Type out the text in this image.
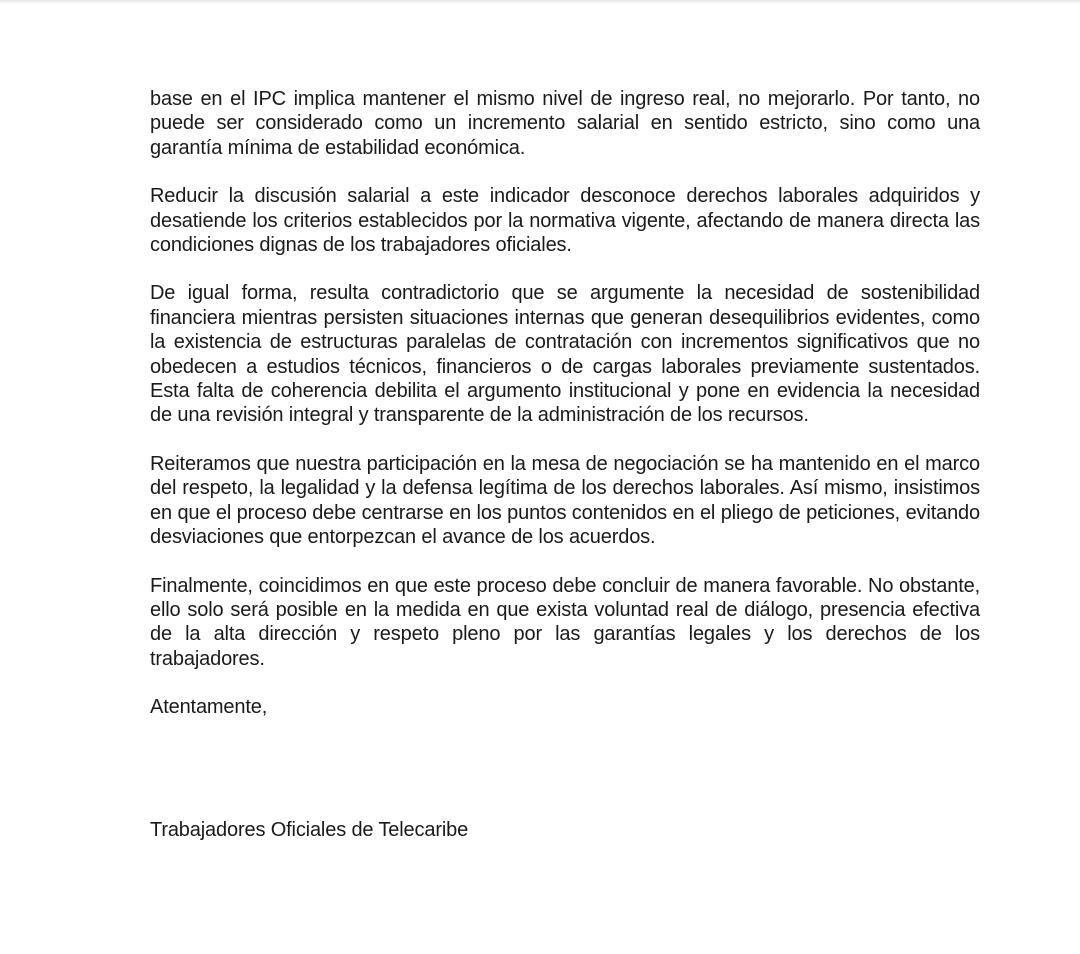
base en el IPC implica mantener el mismo nivel de ingreso real, no mejorarlo. Por tanto, no puede ser considerado como un incremento salarial en sentido estricto, sino como una garantía mínima de estabilidad económica.

Reducir la discusión salarial a este indicador desconoce derechos laborales adquiridos y desatiende los criterios establecidos por la normativa vigente, afectando de manera directa las condiciones dignas de los trabajadores oficiales.

De igual forma, resulta contradictorio que se argumente la necesidad de sostenibilidad financiera mientras persisten situaciones internas que generan desequilibrios evidentes, como la existencia de estructuras paralelas de contratación con incrementos significativos que no obedecen a estudios técnicos, financieros o de cargas laborales previamente sustentados. Esta falta de coherencia debilita el argumento institucional y pone en evidencia la necesidad de una revisión integral y transparente de la administración de los recursos.

Reiteramos que nuestra participación en la mesa de negociación se ha mantenido en el marco del respeto, la legalidad y la defensa legítima de los derechos laborales. Así mismo, insistimos en que el proceso debe centrarse en los puntos contenidos en el pliego de peticiones, evitando desviaciones que entorpezcan el avance de los acuerdos.

Finalmente, coincidimos en que este proceso debe concluir de manera favorable. No obstante, ello solo será posible en la medida en que exista voluntad real de diálogo, presencia efectiva de la alta dirección y respeto pleno por las garantías legales y los derechos de los trabajadores.

Atentamente,

Trabajadores Oficiales de Telecaribe
